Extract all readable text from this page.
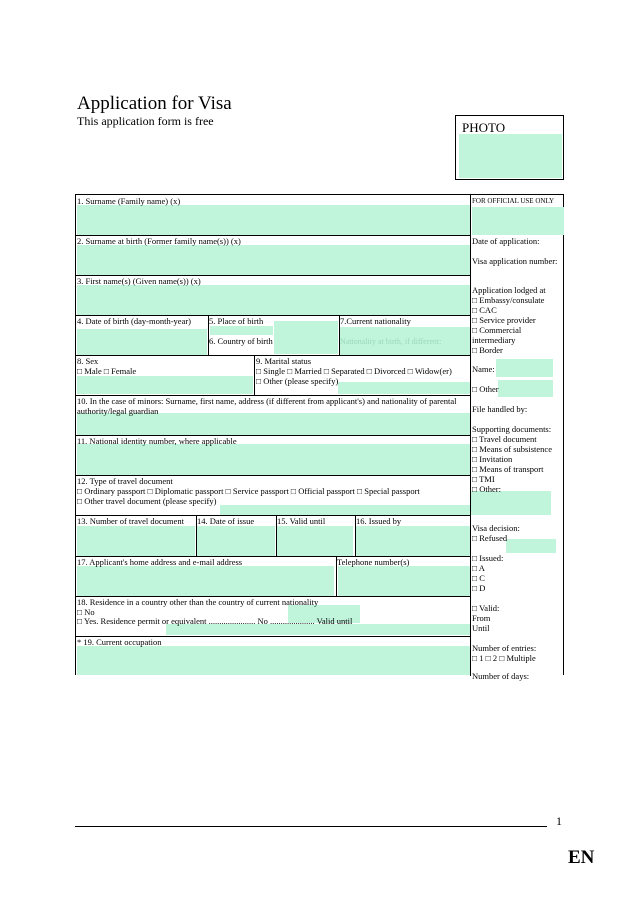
Application for Visa
This application form is free	PHOTO
1. Surname (Family name) (x)
2. Surname at birth (Former family name(s)) (x)
3. First name(s) (Given name(s)) (x)
4. Date of birth (day-month-year) 5. Place of birth
6. Country of birth
7.Current nationality
Nationality at birth, if different:
8. Sex
□ Male □ Female
9. Marital status
□ Single □ Married □ Separated □ Divorced □ Widow(er)
□ Other (please specify)
10. In the case of minors: Surname, first name, address (if different from applicant's) and nationality of parental
authority/legal guardian
11. National identity number, where applicable
12. Type of travel document
□ Ordinary passport □ Diplomatic passport □ Service passport □ Official passport □ Special passport
□ Other travel document (please specify)
13. Number of travel document 14. Date of issue	15. Valid until	16. Issued by
17. Applicant's home address and e-mail address	Telephone number(s)
18. Residence in a country other than the country of current nationality
□ No
□ Yes. Residence permit or equivalent ...................... No ..................... Valid until
* 19. Current occupation
FOR OFFICIAL USE ONLY
Date of application:
Visa application number:
Application lodged at
□ Embassy/consulate
□ CAC
□ Service provider
□ Commercial
intermediary
□ Border
Name:
□ Other
File handled by:
Supporting documents:
□ Travel document
□ Means of subsistence
□ Invitation
□ Means of transport
□ TMI
□ Other:
Visa decision:
□ Refused
□ Issued:
□ A
□ C
□ D
□ Valid:
From
Until
Number of entries:
□ 1 □ 2 □ Multiple
Number of days:
1
EN
